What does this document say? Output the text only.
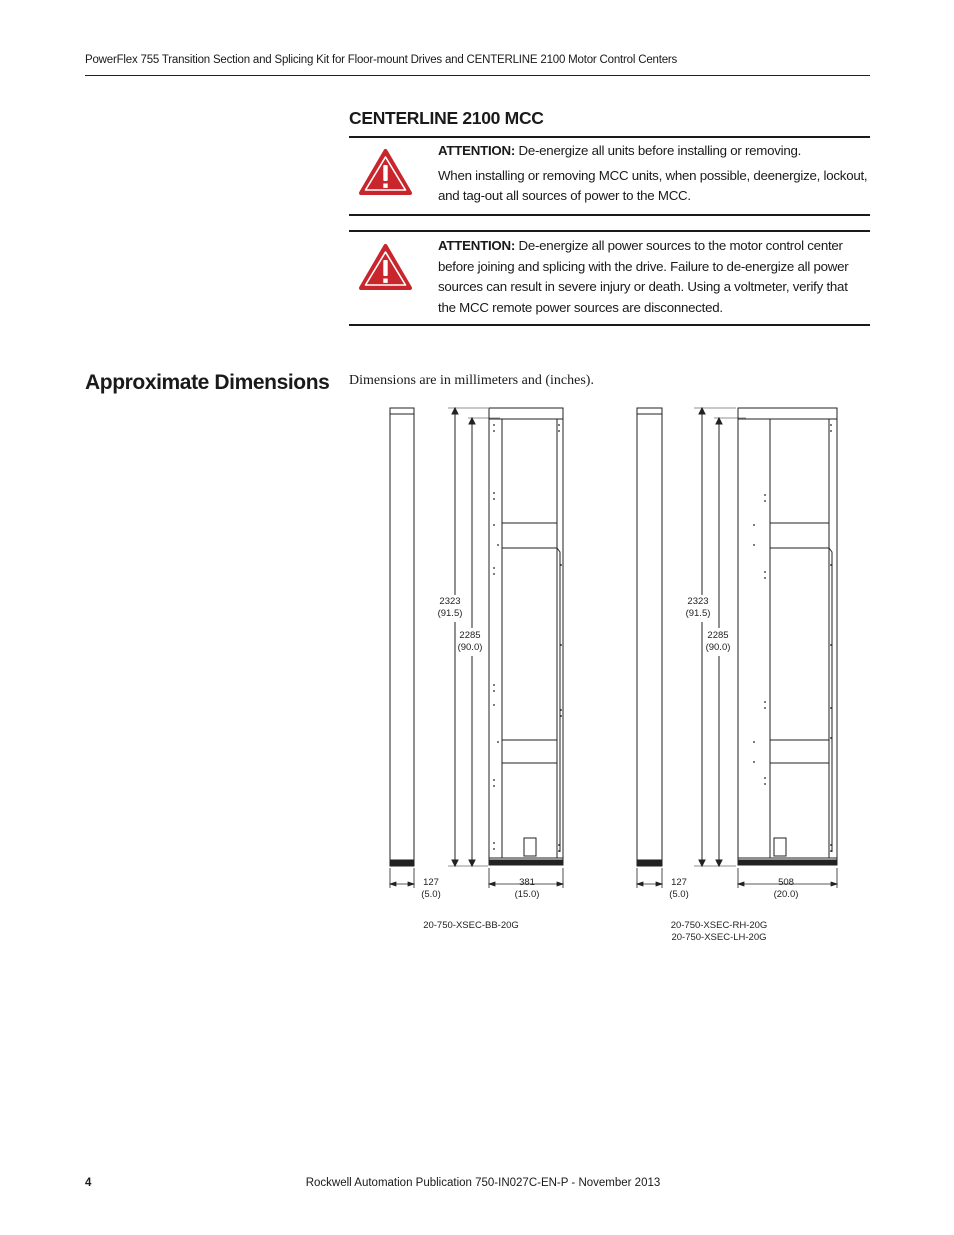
PowerFlex 755 Transition Section and Splicing Kit for Floor-mount Drives and CENTERLINE 2100 Motor Control Centers
CENTERLINE 2100 MCC

ATTENTION: De-energize all units before installing or removing.

When installing or removing MCC units, when possible, deenergize, lockout, and tag-out all sources of power to the MCC.

ATTENTION: De-energize all power sources to the motor control center before joining and splicing with the drive. Failure to de-energize all power sources can result in severe injury or death. Using a voltmeter, verify that the MCC remote power sources are disconnected.

Approximate Dimensions Dimensions are in millimeters and (inches).
2323
(91.5)
2285
(90.0)
127
(5.0)
381
(15.0)
20-750-XSEC-BB-20G
2323
(91.5)
2285
(90.0)
127
(5.0)
508
(20.0)
20-750-XSEC-RH-20G
20-750-XSEC-LH-20G
Rockwell Automation Publication 750-IN027C-EN-P - November 2013
4
